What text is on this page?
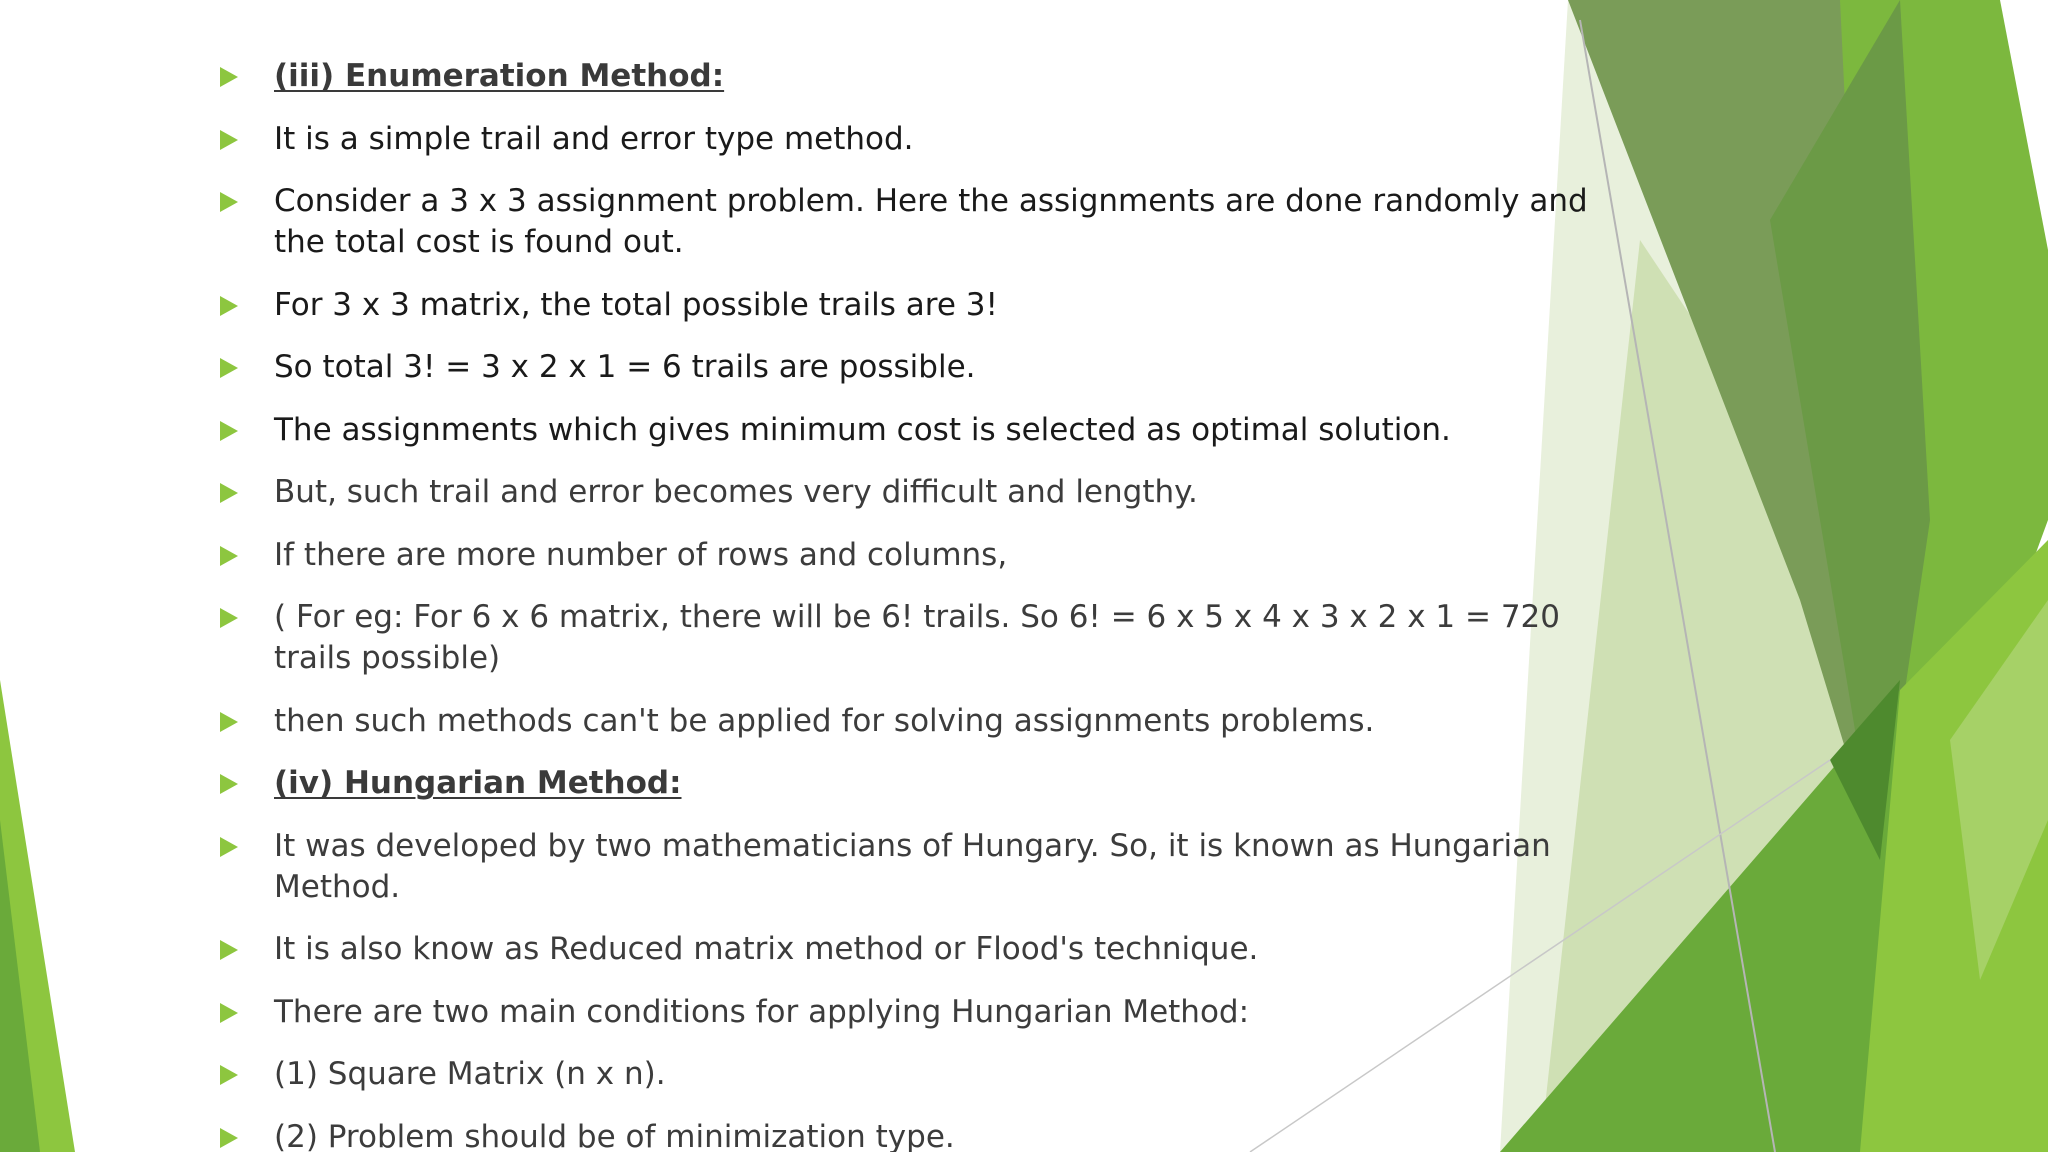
(iii) Enumeration Method:
It is a simple trail and error type method.
Consider a 3 x 3 assignment problem. Here the assignments are done randomly and the total cost is found out.
For 3 x 3 matrix, the total possible trails are 3!
So total 3! = 3 x 2 x 1 = 6 trails are possible.
The assignments which gives minimum cost is selected as optimal solution.
But, such trail and error becomes very difficult and lengthy.
If there are more number of rows and columns,
( For eg: For 6 x 6 matrix, there will be 6! trails. So 6! = 6 x 5 x 4 x 3 x 2 x 1 = 720 trails possible)
then such methods can't be applied for solving assignments problems.
(iv) Hungarian Method:
It was developed by two mathematicians of Hungary. So, it is known as Hungarian Method.
It is also know as Reduced matrix method or Flood's technique.
There are two main conditions for applying Hungarian Method:
(1) Square Matrix (n x n).
(2) Problem should be of minimization type.
